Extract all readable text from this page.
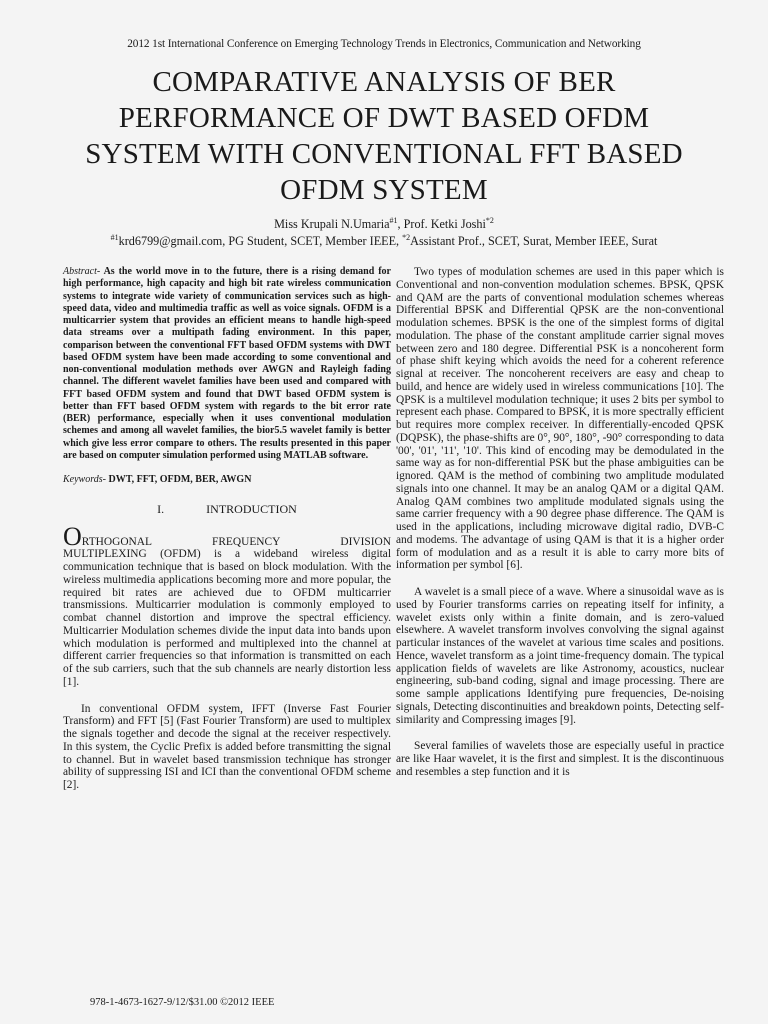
2012 1st International Conference on Emerging Technology Trends in Electronics, Communication and Networking
COMPARATIVE ANALYSIS OF BER
PERFORMANCE OF DWT BASED OFDM
SYSTEM WITH CONVENTIONAL FFT BASED
OFDM SYSTEM
Miss Krupali N.Umaria$^{\#1}$, Prof. Ketki Joshi$^{*2}$
$^{\#1}$krd6799@gmail.com, PG Student, SCET, Member IEEE, $^{*2}$Assistant Prof., SCET, Surat, Member IEEE, Surat

Abstract- As the world move in to the future, there is a rising demand for high performance, high capacity and high bit rate wireless communication systems to integrate wide variety of communication services such as high-speed data, video and multimedia traffic as well as voice signals. OFDM is a multicarrier system that provides an efficient means to handle high-speed data streams over a multipath fading environment. In this paper, comparison between the conventional FFT based OFDM systems with DWT based OFDM system have been made according to some conventional and non-conventional modulation methods over AWGN and Rayleigh fading channel. The different wavelet families have been used and compared with FFT based OFDM system and found that DWT based OFDM system is better than FFT based OFDM system with regards to the bit error rate (BER) performance, especially when it uses conventional modulation schemes and among all wavelet families, the bior5.5 wavelet family is better which give less error compare to others. The results presented in this paper are based on computer simulation performed using MATLAB software.

Keywords- DWT, FFT, OFDM, BER, AWGN

I.	INTRODUCTION

ORTHOGONAL FREQUENCY DIVISION
MULTIPLEXING (OFDM) is a wideband wireless digital communication technique that is based on block modulation. With the wireless multimedia applications becoming more and more popular, the required bit rates are achieved due to OFDM multicarrier transmissions. Multicarrier modulation is commonly employed to combat channel distortion and improve the spectral efficiency. Multicarrier Modulation schemes divide the input data into bands upon which modulation is performed and multiplexed into the channel at different carrier frequencies so that information is transmitted on each of the sub carriers, such that the sub channels are nearly distortion less [1].

In conventional OFDM system, IFFT (Inverse Fast Fourier Transform) and FFT [5] (Fast Fourier Transform) are used to multiplex the signals together and decode the signal at the receiver respectively. In this system, the Cyclic Prefix is added before transmitting the signal to channel. But in wavelet based transmission technique has stronger ability of suppressing ISI and ICI than the conventional OFDM scheme [2].

Two types of modulation schemes are used in this paper which is Conventional and non-convention modulation schemes. BPSK, QPSK and QAM are the parts of conventional modulation schemes whereas Differential BPSK and Differential QPSK are the non-conventional modulation schemes. BPSK is the one of the simplest forms of digital modulation. The phase of the constant amplitude carrier signal moves between zero and 180 degree. Differential PSK is a noncoherent form of phase shift keying which avoids the need for a coherent reference signal at receiver. The noncoherent receivers are easy and cheap to build, and hence are widely used in wireless communications [10]. The QPSK is a multilevel modulation technique; it uses 2 bits per symbol to represent each phase. Compared to BPSK, it is more spectrally efficient but requires more complex receiver. In differentially-encoded QPSK (DQPSK), the phase-shifts are 0°, 90°, 180°, -90° corresponding to data '00', '01', '11', '10'. This kind of encoding may be demodulated in the same way as for non-differential PSK but the phase ambiguities can be ignored. QAM is the method of combining two amplitude modulated signals into one channel. It may be an analog QAM or a digital QAM. Analog QAM combines two amplitude modulated signals using the same carrier frequency with a 90 degree phase difference. The QAM is used in the applications, including microwave digital radio, DVB-C and modems. The advantage of using QAM is that it is a higher order form of modulation and as a result it is able to carry more bits of information per symbol [6].

A wavelet is a small piece of a wave. Where a sinusoidal wave as is used by Fourier transforms carries on repeating itself for infinity, a wavelet exists only within a finite domain, and is zero-valued elsewhere. A wavelet transform involves convolving the signal against particular instances of the wavelet at various time scales and positions. Hence, wavelet transform as a joint time-frequency domain. The typical application fields of wavelets are like Astronomy, acoustics, nuclear engineering, sub-band coding, signal and image processing. There are some sample applications Identifying pure frequencies, De-noising signals, Detecting discontinuities and breakdown points, Detecting self-similarity and Compressing images [9].

Several families of wavelets those are especially useful in practice are like Haar wavelet, it is the first and simplest. It is the discontinuous and resembles a step function and it is

978-1-4673-1627-9/12/$31.00 ©2012 IEEE
